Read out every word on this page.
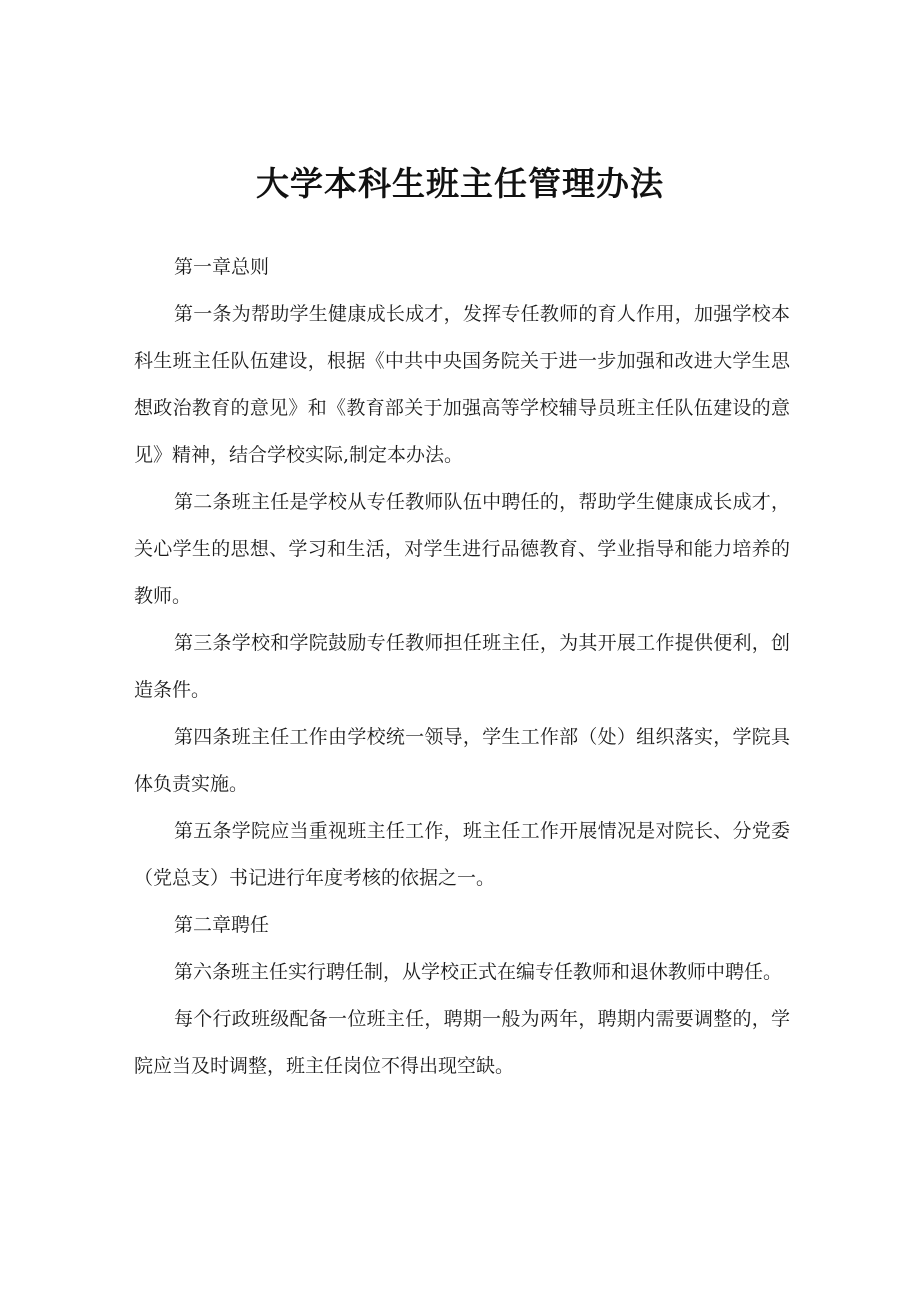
大学本科生班主任管理办法

第一章总则

第一条为帮助学生健康成长成才，发挥专任教师的育人作用，加强学校本科生班主任队伍建设，根据《中共中央国务院关于进一步加强和改进大学生思想政治教育的意见》和《教育部关于加强高等学校辅导员班主任队伍建设的意见》精神，结合学校实际,制定本办法。

第二条班主任是学校从专任教师队伍中聘任的，帮助学生健康成长成才，关心学生的思想、学习和生活，对学生进行品德教育、学业指导和能力培养的教师。

第三条学校和学院鼓励专任教师担任班主任，为其开展工作提供便利，创造条件。

第四条班主任工作由学校统一领导，学生工作部（处）组织落实，学院具体负责实施。

第五条学院应当重视班主任工作，班主任工作开展情况是对院长、分党委（党总支）书记进行年度考核的依据之一。

第二章聘任

第六条班主任实行聘任制，从学校正式在编专任教师和退休教师中聘任。

每个行政班级配备一位班主任，聘期一般为两年，聘期内需要调整的，学院应当及时调整，班主任岗位不得出现空缺。
